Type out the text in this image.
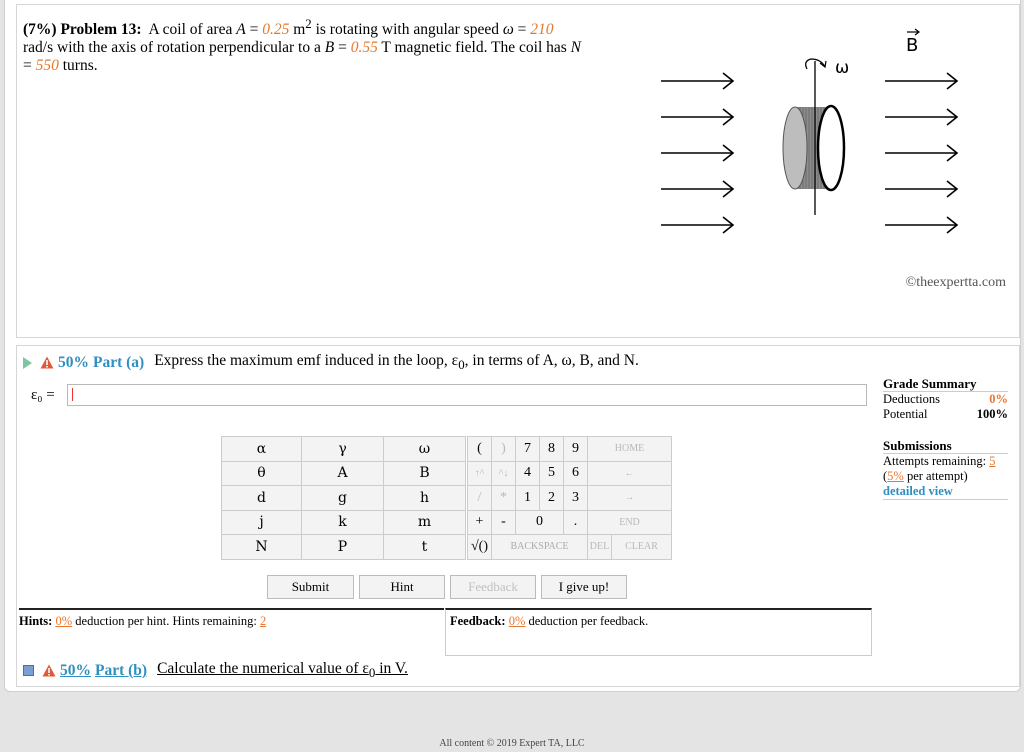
(7%) Problem 13: A coil of area A = 0.25 $m^2$ is rotating with angular speed ω = 210
rad/s with the axis of rotation perpendicular to a B = 0.55 T magnetic field. The coil has N
= 550 turns.	ω
B
©theexpertta.com
50% Part (a) Express the maximum emf induced in the loop, $\varepsilon_0$, in terms of A, ω, B, and N.
ε₀ =
Grade Summary
Deductions	0%
Potential	100%
Submissions
Attempts remaining: 5
(5% per attempt)
detailed view
α	γ	ω
θ	A	B
d	g	h
j	k	m
N	P	t
(	)	7	8	9	HOME
↑^	^↓	4	5	6	←
/	*	1	2	3	→
+	-	0	.	END
√()	BACKSPACE	DEL	CLEAR
Submit	Hint	Feedback	I give up!
Hints: 0% deduction per hint. Hints remaining: 2	Feedback: 0% deduction per feedback.
50% Part (b) Calculate the numerical value of $\varepsilon_0$ in V.
All content © 2019 Expert TA, LLC
